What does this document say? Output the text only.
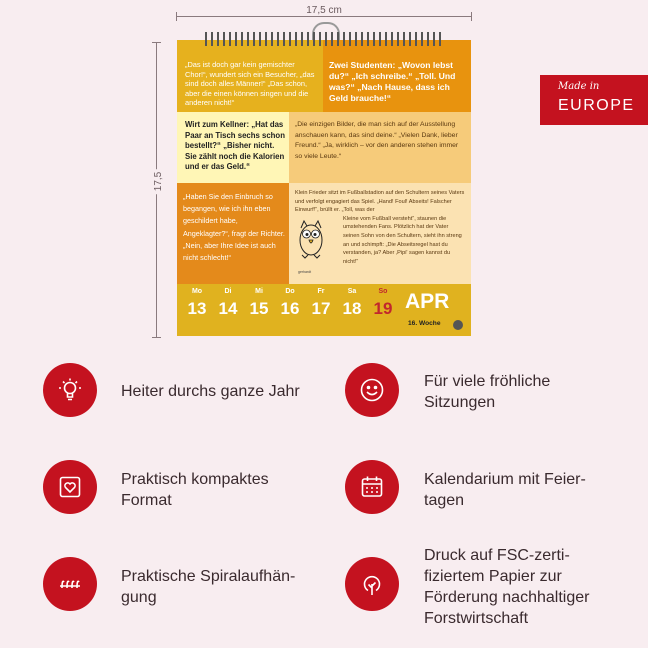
17,5 cm
17,5
„Das ist doch gar kein gemischter Chor!“, wundert sich ein Besucher, „das sind doch alles Männer!“ „Das schon, aber die einen können singen und die anderen nicht!“
Zwei Studenten: „Wovon lebst du?“ „Ich schreibe.“ „Toll. Und was?“ „Nach Hause, dass ich Geld brauche!“
Wirt zum Kellner: „Hat das Paar an Tisch sechs schon bestellt?“ „Bisher nicht. Sie zählt noch die Kalorien und er das Geld.“
„Die einzigen Bilder, die man sich auf der Ausstellung anschauen kann, das sind deine.“ „Vielen Dank, lieber Freund.“ „Ja, wirklich – vor den anderen stehen immer so viele Leute.“
„Haben Sie den Einbruch so begangen, wie ich ihn eben geschildert habe, Angeklagter?“, fragt der Richter. „Nein, aber Ihre Idee ist auch nicht schlecht!“
Klein Frieder sitzt im Fußballstadion auf den Schultern seines Vaters und verfolgt engagiert das Spiel. „Hand! Foul! Abseits! Falscher Einwurf!“, brüllt er. „Toll, was der
Kleine vom Fußball versteht“, staunen die umstehenden Fans. Plötzlich hat der Vater seinen Sohn von den Schultern, sieht ihn streng an und schimpft: „Die Abseitsregel hast du verstanden, ja? Aber ‚Pipi' sagen kannst du nicht!“
gerhardt
Mo
13
Di
14
Mi
15
Do
16
Fr
17
Sa
18
So
19 APR
16. Woche
Made in
EUROPE
Heiter durchs ganze Jahr
Für viele fröhliche Sitzungen
Praktisch kompaktes Format
Kalendarium mit Feier-tagen
Praktische Spiralaufhän-gung
Druck auf FSC-zerti-fiziertem Papier zur Förderung nachhaltiger Forstwirtschaft
